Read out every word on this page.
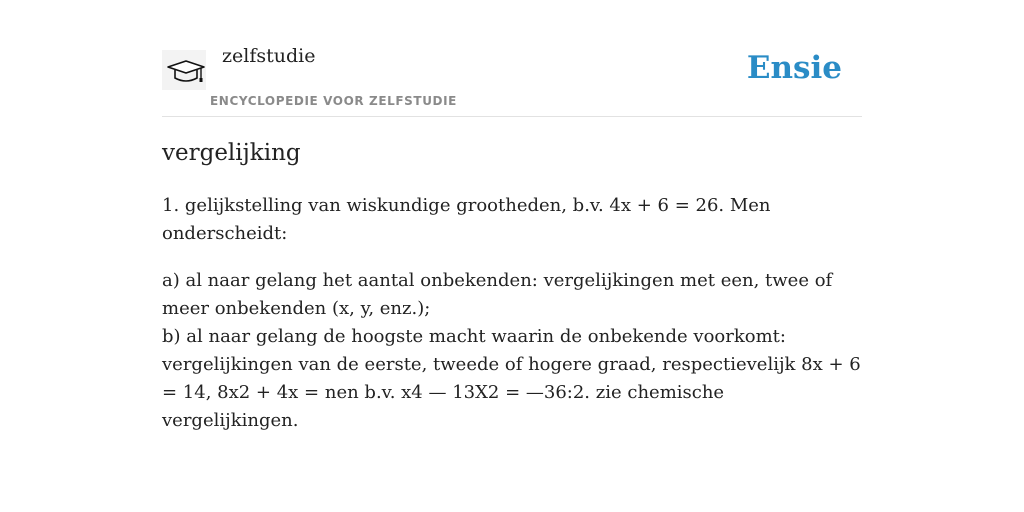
zelfstudie
ENCYCLOPEDIE VOOR ZELFSTUDIE
Ensie
vergelijking

1. gelijkstelling van wiskundige grootheden, b.v. 4x + 6 = 26. Men onderscheidt:

a) al naar gelang het aantal onbekenden: vergelijkingen met een, twee of meer onbekenden (x, y, enz.);

b) al naar gelang de hoogste macht waarin de onbekende voorkomt: vergelijkingen van de eerste, tweede of hogere graad, respectievelijk 8x + 6 = 14, 8x2 + 4x = nen b.v. x4 — 13X2 = —36:2. zie chemische vergelijkingen.
